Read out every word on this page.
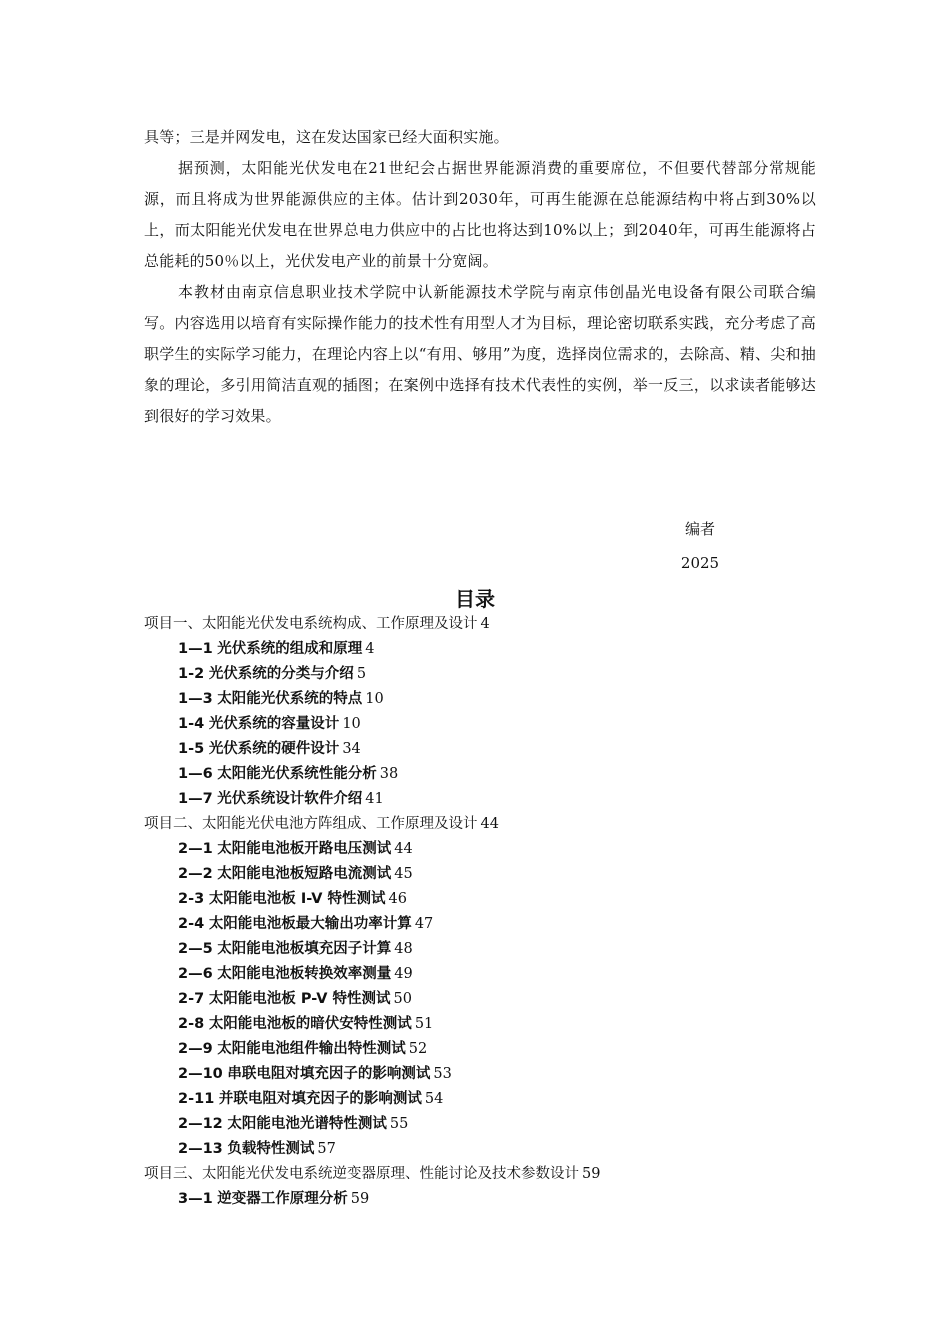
具等；三是并网发电，这在发达国家已经大面积实施。

据预测，太阳能光伏发电在21世纪会占据世界能源消费的重要席位，不但要代替部分常规能源，而且将成为世界能源供应的主体。估计到2030年，可再生能源在总能源结构中将占到30%以上，而太阳能光伏发电在世界总电力供应中的占比也将达到10%以上；到2040年，可再生能源将占总能耗的50％以上，光伏发电产业的前景十分宽阔。

本教材由南京信息职业技术学院中认新能源技术学院与南京伟创晶光电设备有限公司联合编写。内容选用以培育有实际操作能力的技术性有用型人才为目标，理论密切联系实践，充分考虑了高职学生的实际学习能力，在理论内容上以“有用、够用”为度，选择岗位需求的，去除高、精、尖和抽象的理论，多引用简洁直观的插图；在案例中选择有技术代表性的实例，举一反三，以求读者能够达到很好的学习效果。

编者
2025
目录
项目一、太阳能光伏发电系统构成、工作原理及设计 4
1—1 光伏系统的组成和原理 4
1-2 光伏系统的分类与介绍 5
1—3 太阳能光伏系统的特点 10
1-4 光伏系统的容量设计 10
1-5 光伏系统的硬件设计 34
1—6 太阳能光伏系统性能分析 38
1—7 光伏系统设计软件介绍 41
项目二、太阳能光伏电池方阵组成、工作原理及设计 44
2—1 太阳能电池板开路电压测试 44
2—2 太阳能电池板短路电流测试 45
2-3 太阳能电池板 I-V 特性测试 46
2-4 太阳能电池板最大输出功率计算 47
2—5 太阳能电池板填充因子计算 48
2—6 太阳能电池板转换效率测量 49
2-7 太阳能电池板 P-V 特性测试 50
2-8 太阳能电池板的暗伏安特性测试 51
2—9 太阳能电池组件输出特性测试 52
2—10 串联电阻对填充因子的影响测试 53
2-11 并联电阻对填充因子的影响测试 54
2—12 太阳能电池光谱特性测试 55
2—13 负载特性测试 57
项目三、太阳能光伏发电系统逆变器原理、性能讨论及技术参数设计 59
3—1 逆变器工作原理分析 59
